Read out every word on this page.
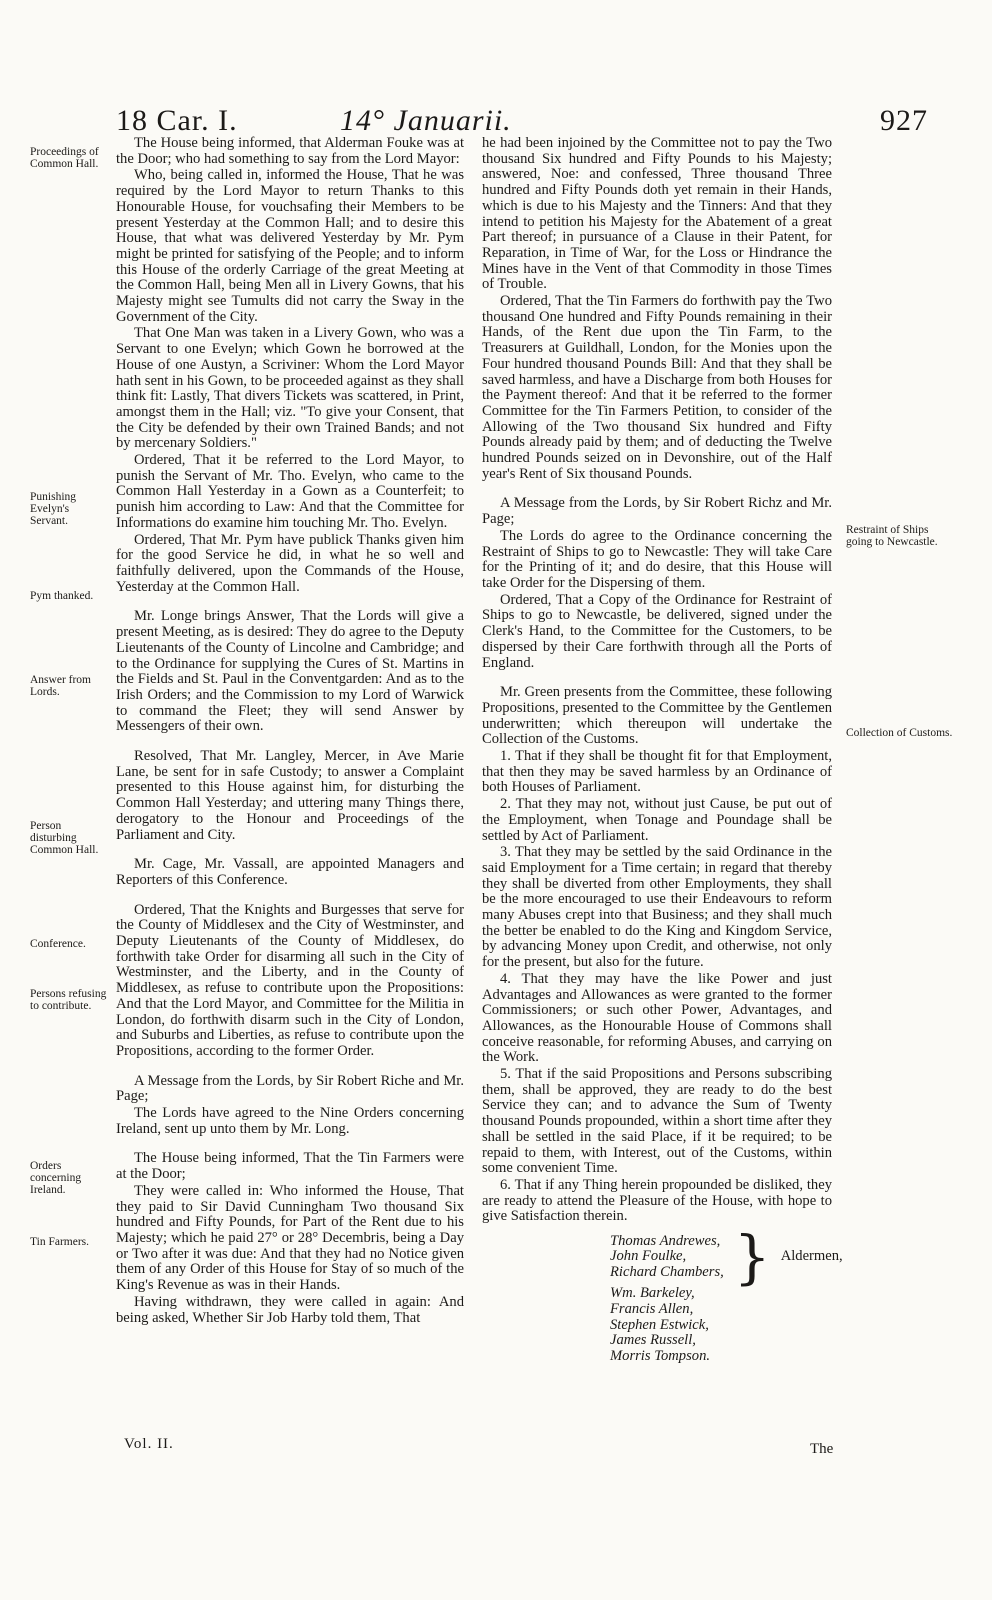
18 Car. I.	14° Januarii.	927
Proceedings of Common Hall.
Punishing Evelyn's Servant.
Pym thanked.
Answer from Lords.
Person disturbing Common Hall.
Conference.
Persons refusing to contribute.
Orders concerning Ireland.
Tin Farmers.
Restraint of Ships going to Newcastle.
Collection of Customs.

The House being informed, that Alderman Fouke was at the Door; who had something to say from the Lord Mayor:

Who, being called in, informed the House, That he was required by the Lord Mayor to return Thanks to this Honourable House, for vouchsafing their Members to be present Yesterday at the Common Hall; and to desire this House, that what was delivered Yesterday by Mr. Pym might be printed for satisfying of the People; and to inform this House of the orderly Carriage of the great Meeting at the Common Hall, being Men all in Livery Gowns, that his Majesty might see Tumults did not carry the Sway in the Government of the City.

That One Man was taken in a Livery Gown, who was a Servant to one Evelyn; which Gown he borrowed at the House of one Austyn, a Scriviner: Whom the Lord Mayor hath sent in his Gown, to be proceeded against as they shall think fit: Lastly, That divers Tickets was scattered, in Print, amongst them in the Hall; viz. "To give your Consent, that the City be defended by their own Trained Bands; and not by mercenary Soldiers."

Ordered, That it be referred to the Lord Mayor, to punish the Servant of Mr. Tho. Evelyn, who came to the Common Hall Yesterday in a Gown as a Counterfeit; to punish him according to Law: And that the Committee for Informations do examine him touching Mr. Tho. Evelyn.

Ordered, That Mr. Pym have publick Thanks given him for the good Service he did, in what he so well and faithfully delivered, upon the Commands of the House, Yesterday at the Common Hall.

Mr. Longe brings Answer, That the Lords will give a present Meeting, as is desired: They do agree to the Deputy Lieutenants of the County of Lincolne and Cambridge; and to the Ordinance for supplying the Cures of St. Martins in the Fields and St. Paul in the Conventgarden: And as to the Irish Orders; and the Commission to my Lord of Warwick to command the Fleet; they will send Answer by Messengers of their own.

Resolved, That Mr. Langley, Mercer, in Ave Marie Lane, be sent for in safe Custody; to answer a Complaint presented to this House against him, for disturbing the Common Hall Yesterday; and uttering many Things there, derogatory to the Honour and Proceedings of the Parliament and City.

Mr. Cage, Mr. Vassall, are appointed Managers and Reporters of this Conference.

Ordered, That the Knights and Burgesses that serve for the County of Middlesex and the City of Westminster, and Deputy Lieutenants of the County of Middlesex, do forthwith take Order for disarming all such in the City of Westminster, and the Liberty, and in the County of Middlesex, as refuse to contribute upon the Propositions: And that the Lord Mayor, and Committee for the Militia in London, do forthwith disarm such in the City of London, and Suburbs and Liberties, as refuse to contribute upon the Propositions, according to the former Order.

A Message from the Lords, by Sir Robert Riche and Mr. Page;

The Lords have agreed to the Nine Orders concerning Ireland, sent up unto them by Mr. Long.

The House being informed, That the Tin Farmers were at the Door;

They were called in: Who informed the House, That they paid to Sir David Cunningham Two thousand Six hundred and Fifty Pounds, for Part of the Rent due to his Majesty; which he paid 27° or 28° Decembris, being a Day or Two after it was due: And that they had no Notice given them of any Order of this House for Stay of so much of the King's Revenue as was in their Hands.

Having withdrawn, they were called in again: And being asked, Whether Sir Job Harby told them, That

he had been injoined by the Committee not to pay the Two thousand Six hundred and Fifty Pounds to his Majesty; answered, Noe: and confessed, Three thousand Three hundred and Fifty Pounds doth yet remain in their Hands, which is due to his Majesty and the Tinners: And that they intend to petition his Majesty for the Abatement of a great Part thereof; in pursuance of a Clause in their Patent, for Reparation, in Time of War, for the Loss or Hindrance the Mines have in the Vent of that Commodity in those Times of Trouble.

Ordered, That the Tin Farmers do forthwith pay the Two thousand One hundred and Fifty Pounds remaining in their Hands, of the Rent due upon the Tin Farm, to the Treasurers at Guildhall, London, for the Monies upon the Four hundred thousand Pounds Bill: And that they shall be saved harmless, and have a Discharge from both Houses for the Payment thereof: And that it be referred to the former Committee for the Tin Farmers Petition, to consider of the Allowing of the Two thousand Six hundred and Fifty Pounds already paid by them; and of deducting the Twelve hundred Pounds seized on in Devonshire, out of the Half year's Rent of Six thousand Pounds.

A Message from the Lords, by Sir Robert Richz and Mr. Page;

The Lords do agree to the Ordinance concerning the Restraint of Ships to go to Newcastle: They will take Care for the Printing of it; and do desire, that this House will take Order for the Dispersing of them.

Ordered, That a Copy of the Ordinance for Restraint of Ships to go to Newcastle, be delivered, signed under the Clerk's Hand, to the Committee for the Customers, to be dispersed by their Care forthwith through all the Ports of England.

Mr. Green presents from the Committee, these following Propositions, presented to the Committee by the Gentlemen underwritten; which thereupon will undertake the Collection of the Customs.

1. That if they shall be thought fit for that Employment, that then they may be saved harmless by an Ordinance of both Houses of Parliament.

2. That they may not, without just Cause, be put out of the Employment, when Tonage and Poundage shall be settled by Act of Parliament.

3. That they may be settled by the said Ordinance in the said Employment for a Time certain; in regard that thereby they shall be diverted from other Employments, they shall be the more encouraged to use their Endeavours to reform many Abuses crept into that Business; and they shall much the better be enabled to do the King and Kingdom Service, by advancing Money upon Credit, and otherwise, not only for the present, but also for the future.

4. That they may have the like Power and just Advantages and Allowances as were granted to the former Commissioners; or such other Power, Advantages, and Allowances, as the Honourable House of Commons shall conceive reasonable, for reforming Abuses, and carrying on the Work.

5. That if the said Propositions and Persons subscribing them, shall be approved, they are ready to do the best Service they can; and to advance the Sum of Twenty thousand Pounds propounded, within a short time after they shall be settled in the said Place, if it be required; to be repaid to them, with Interest, out of the Customs, within some convenient Time.

6. That if any Thing herein propounded be disliked, they are ready to attend the Pleasure of the House, with hope to give Satisfaction therein.

Thomas Andrewes,
John Foulke,
Richard Chambers, } Aldermen,
Wm. Barkeley,
Francis Allen,
Stephen Estwick,
James Russell,
Morris Tompson.
Vol. II.	The
